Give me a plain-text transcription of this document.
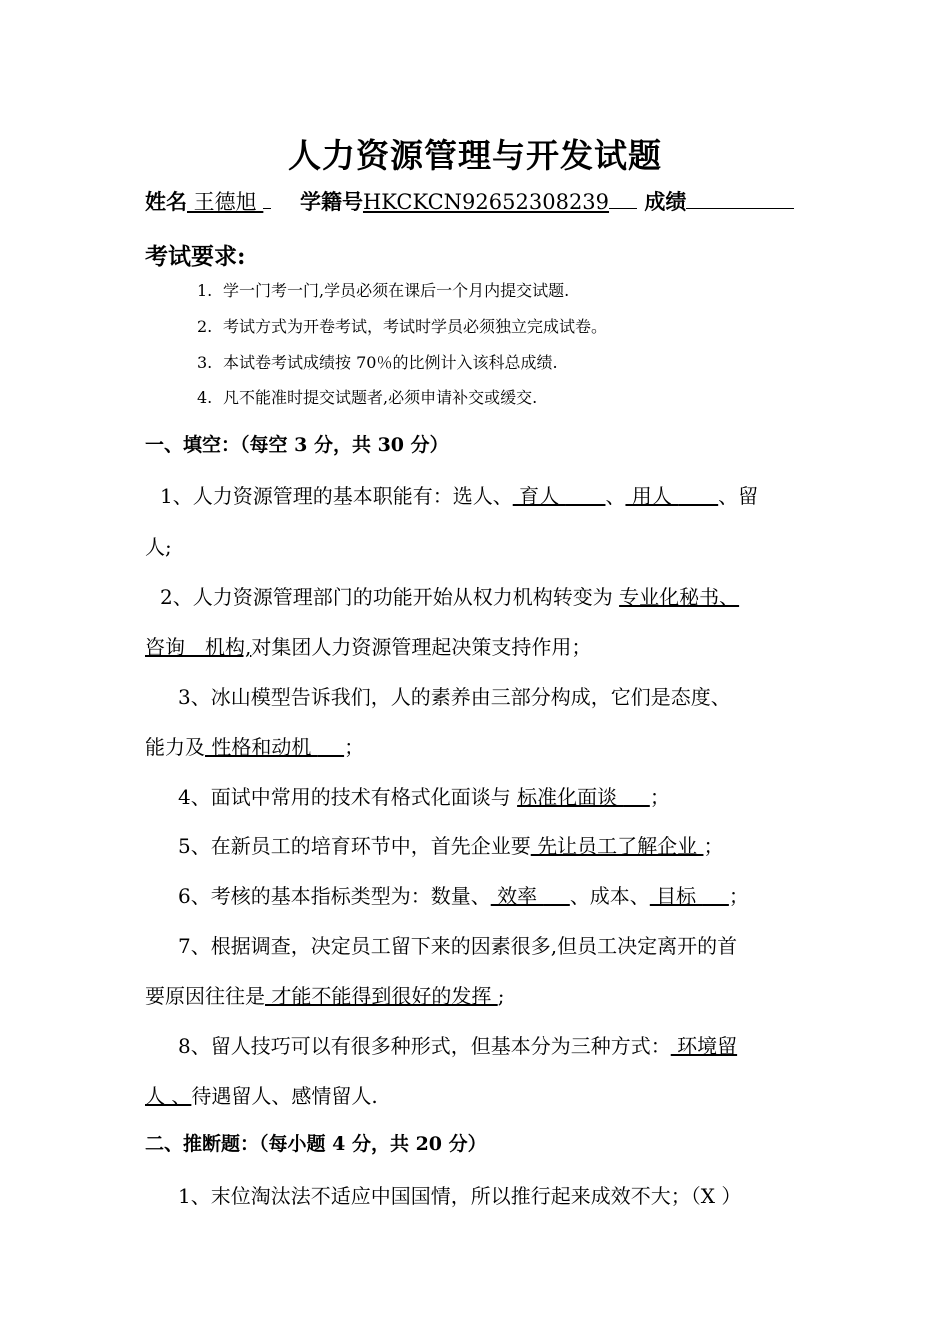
人力资源管理与开发试题
姓名 王德旭   学籍号HKCKCN92652308239 成绩
考试要求:
1. 学一门考一门,学员必须在课后一个月内提交试题.
2. 考试方式为开卷考试，考试时学员必须独立完成试卷。
3. 本试卷考试成绩按 70％的比例计入该科总成绩.
4. 凡不能准时提交试题者,必须申请补交或缓交.
一、填空：（每空 3 分，共 30 分）
1、人力资源管理的基本职能有：选人、 育人 　　、 用人 　　、留
人;
2、人力资源管理部门的功能开始从权力机构转变为 专业化秘书、
咨询　机构,对集团人力资源管理起决策支持作用；
3、冰山模型告诉我们，人的素养由三部分构成，它们是态度、
能力及 性格和动机 　 ；
4、面试中常用的技术有格式化面谈与 标准化面谈 　 ；
5、在新员工的培育环节中，首先企业要 先让员工了解企业 ；
6、考核的基本指标类型为：数量、 效率 　 、成本、 目标 　 ；
7、根据调查，决定员工留下来的因素很多,但员工决定离开的首
要原因往往是 才能不能得到很好的发挥 ;
8、留人技巧可以有很多种形式，但基本分为三种方式： 环境留
人 、待遇留人、感情留人.
二、推断题：（每小题 4 分，共 20 分）
1、末位淘汰法不适应中国国情，所以推行起来成效不大；（X ）
